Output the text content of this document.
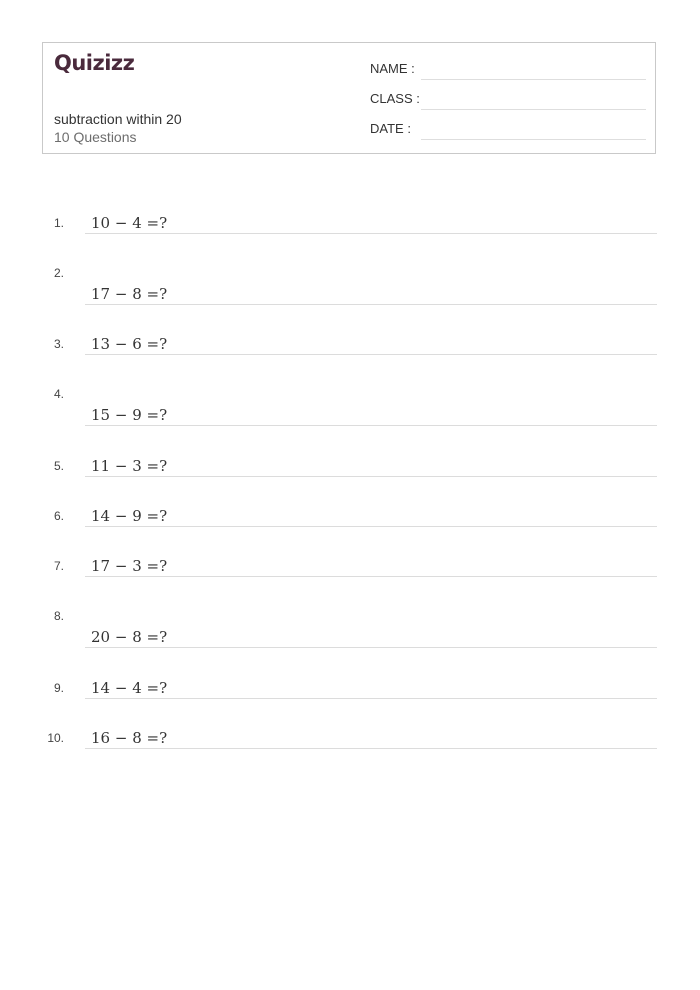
Quizizz
subtraction within 20
10 Questions
NAME :
CLASS :
DATE :
1. 10 − 4 =?
2.
17 − 8 =?
3. 13 − 6 =?
4.
15 − 9 =?
5. 11 − 3 =?
6. 14 − 9 =?
7. 17 − 3 =?
8.
20 − 8 =?
9. 14 − 4 =?
10. 16 − 8 =?
